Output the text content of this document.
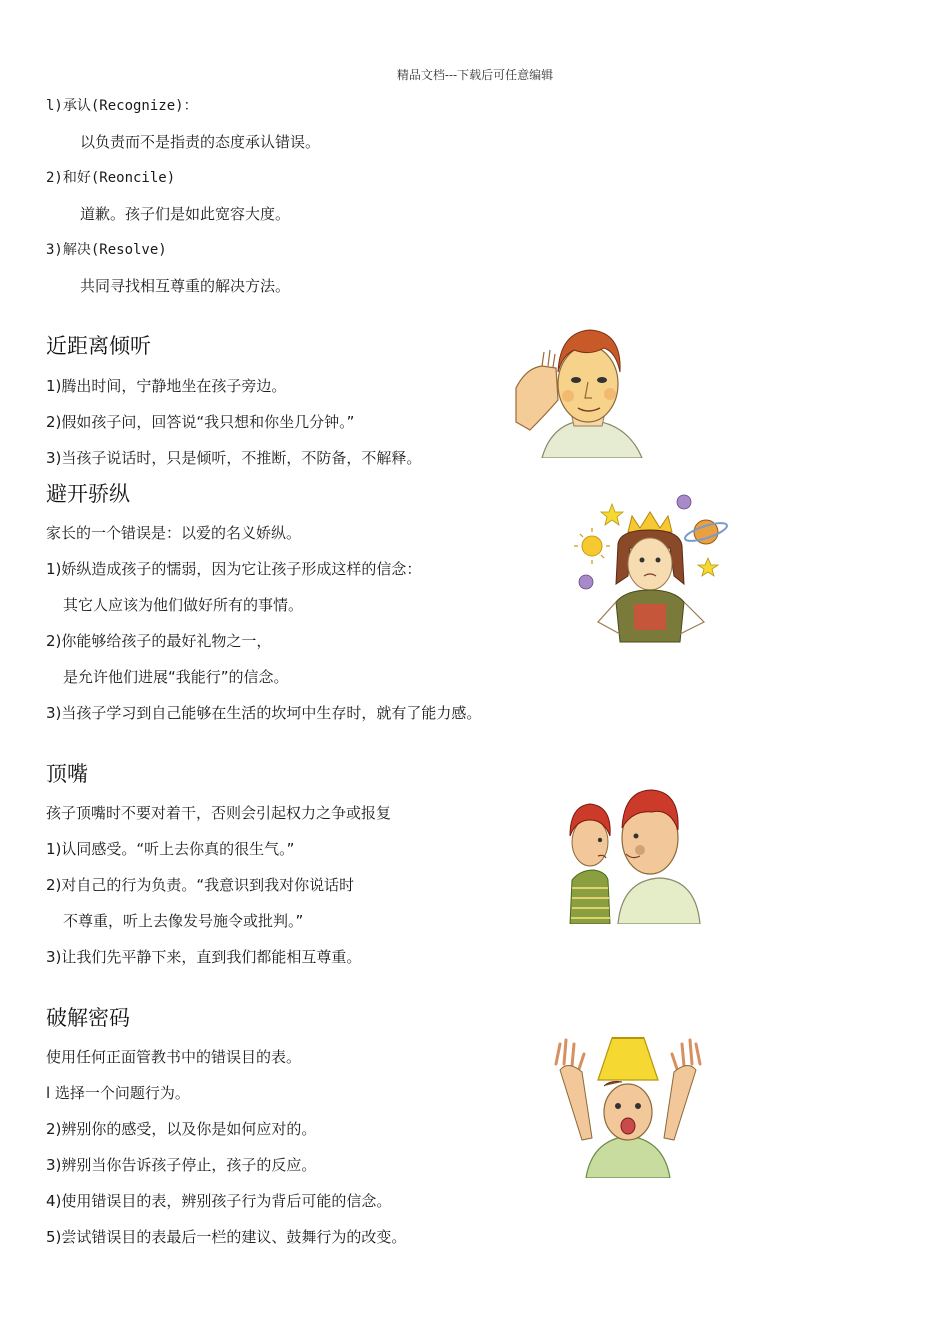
精品文档---下载后可任意编辑
l)承认(Recognize)：
以负责而不是指责的态度承认错误。
2)和好(Reoncile)
道歉。孩子们是如此宽容大度。
3)解决(Resolve)
共同寻找相互尊重的解决方法。
近距离倾听
1)腾出时间，宁静地坐在孩子旁边。
2)假如孩子问，回答说“我只想和你坐几分钟。”
3)当孩子说话时，只是倾听，不推断，不防备，不解释。
避开骄纵
家长的一个错误是：以爱的名义娇纵。
1)娇纵造成孩子的懦弱，因为它让孩子形成这样的信念：
其它人应该为他们做好所有的事情。
2)你能够给孩子的最好礼物之一，
是允许他们进展“我能行”的信念。
3)当孩子学习到自己能够在生活的坎坷中生存时，就有了能力感。
顶嘴
孩子顶嘴时不要对着干，否则会引起权力之争或报复
1)认同感受。“听上去你真的很生气。”
2)对自己的行为负责。“我意识到我对你说话时
不尊重，听上去像发号施令或批判。”
3)让我们先平静下来，直到我们都能相互尊重。
破解密码
使用任何正面管教书中的错误目的表。
l 选择一个问题行为。
2)辨别你的感受，以及你是如何应对的。
3)辨别当你告诉孩子停止，孩子的反应。
4)使用错误目的表，辨别孩子行为背后可能的信念。
5)尝试错误目的表最后一栏的建议、鼓舞行为的改变。
